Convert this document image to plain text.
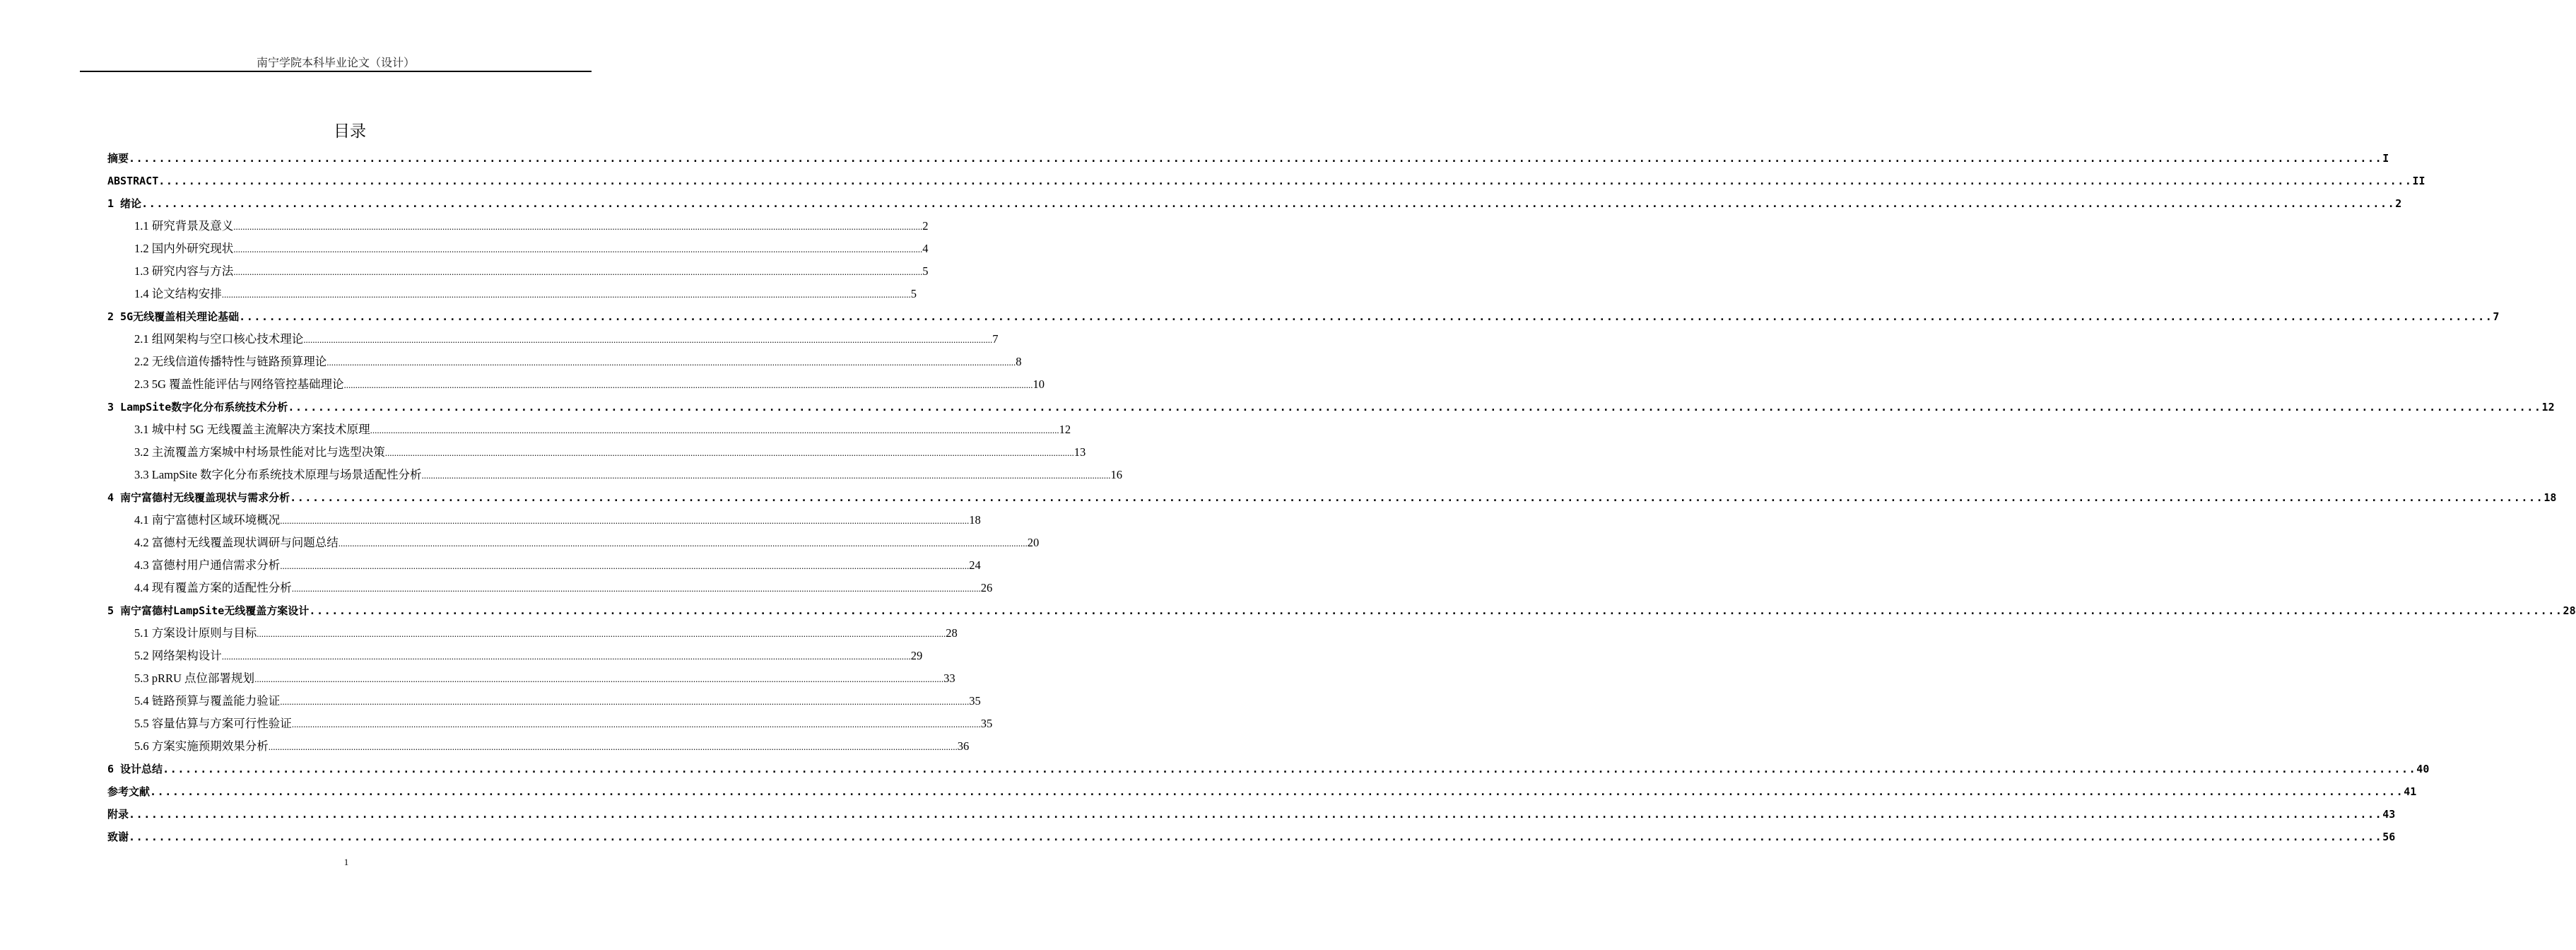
南宁学院本科毕业论文（设计）
目录
摘要 ............................................................................................................................................................................................................................................................................................................ I
ABSTRACT ............................................................................................................................................................................................................................................................................................................ II
1 绪论 ............................................................................................................................................................................................................................................................................................................ 2
1.1 研究背景及意义 ............................................................................................................................................................................................................................................................................................................ 2
1.2 国内外研究现状 ............................................................................................................................................................................................................................................................................................................ 4
1.3 研究内容与方法 ............................................................................................................................................................................................................................................................................................................ 5
1.4 论文结构安排 ............................................................................................................................................................................................................................................................................................................ 5
2 5G无线覆盖相关理论基础 ............................................................................................................................................................................................................................................................................................................ 7
2.1 组网架构与空口核心技术理论 ............................................................................................................................................................................................................................................................................................................ 7
2.2 无线信道传播特性与链路预算理论 ............................................................................................................................................................................................................................................................................................................ 8
2.3 5G 覆盖性能评估与网络管控基础理论 ............................................................................................................................................................................................................................................................................................................ 10
3 LampSite数字化分布系统技术分析 ............................................................................................................................................................................................................................................................................................................ 12
3.1 城中村 5G 无线覆盖主流解决方案技术原理 ............................................................................................................................................................................................................................................................................................................ 12
3.2 主流覆盖方案城中村场景性能对比与选型决策 ............................................................................................................................................................................................................................................................................................................ 13
3.3 LampSite 数字化分布系统技术原理与场景适配性分析 ............................................................................................................................................................................................................................................................................................................ 16
4 南宁富德村无线覆盖现状与需求分析 ............................................................................................................................................................................................................................................................................................................ 18
4.1 南宁富德村区域环境概况 ............................................................................................................................................................................................................................................................................................................ 18
4.2 富德村无线覆盖现状调研与问题总结 ............................................................................................................................................................................................................................................................................................................ 20
4.3 富德村用户通信需求分析 ............................................................................................................................................................................................................................................................................................................ 24
4.4 现有覆盖方案的适配性分析 ............................................................................................................................................................................................................................................................................................................ 26
5 南宁富德村LampSite无线覆盖方案设计 ............................................................................................................................................................................................................................................................................................................ 28
5.1 方案设计原则与目标 ............................................................................................................................................................................................................................................................................................................ 28
5.2 网络架构设计 ............................................................................................................................................................................................................................................................................................................ 29
5.3 pRRU 点位部署规划 ............................................................................................................................................................................................................................................................................................................ 33
5.4 链路预算与覆盖能力验证 ............................................................................................................................................................................................................................................................................................................ 35
5.5 容量估算与方案可行性验证 ............................................................................................................................................................................................................................................................................................................ 35
5.6 方案实施预期效果分析 ............................................................................................................................................................................................................................................................................................................ 36
6 设计总结 ............................................................................................................................................................................................................................................................................................................ 40
参考文献 ............................................................................................................................................................................................................................................................................................................ 41
附录 ............................................................................................................................................................................................................................................................................................................ 43
致谢 ............................................................................................................................................................................................................................................................................................................ 56
1
